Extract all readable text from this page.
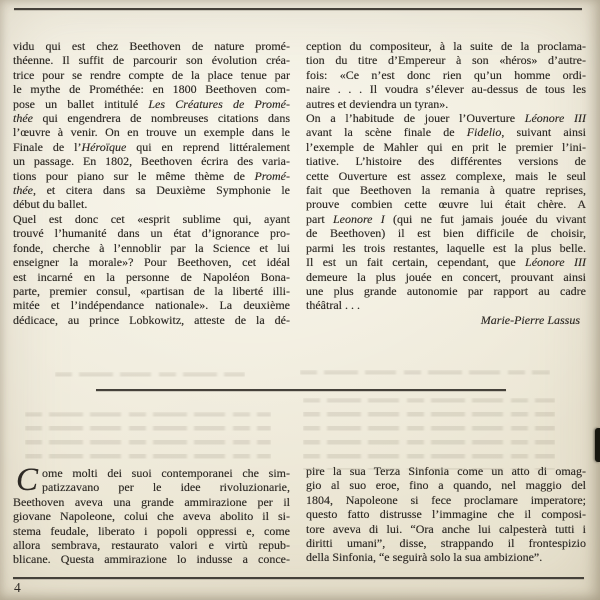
vidu qui est chez Beethoven de nature promé-
théenne. Il suffit de parcourir son évolution créa-
trice pour se rendre compte de la place tenue par
le mythe de Prométhée: en 1800 Beethoven com-
pose un ballet intitulé Les Créatures de Promé-
thée qui engendrera de nombreuses citations dans
l’œuvre à venir. On en trouve un exemple dans le
Finale de l’Héroïque qui en reprend littéralement
un passage. En 1802, Beethoven écrira des varia-
tions pour piano sur le même thème de Promé-
thée, et citera dans sa Deuxième Symphonie le
début du ballet.
Quel est donc cet «esprit sublime qui, ayant
trouvé l’humanité dans un état d’ignorance pro-
fonde, cherche à l’ennoblir par la Science et lui
enseigner la morale»? Pour Beethoven, cet idéal
est incarné en la personne de Napoléon Bona-
parte, premier consul, «partisan de la liberté illi-
mitée et l’indépendance nationale». La deuxième
dédicace, au prince Lobkowitz, atteste de la dé-
ception du compositeur, à la suite de la proclama-
tion du titre d’Empereur à son «héros» d’autre-
fois: «Ce n’est donc rien qu’un homme ordi-
naire . . . Il voudra s’élever au-dessus de tous les
autres et deviendra un tyran».
On a l’habitude de jouer l’Ouverture Léonore III
avant la scène finale de Fidelio, suivant ainsi
l’exemple de Mahler qui en prit le premier l’ini-
tiative. L’histoire des différentes versions de
cette Ouverture est assez complexe, mais le seul
fait que Beethoven la remania à quatre reprises,
prouve combien cette œuvre lui était chère. A
part Leonore I (qui ne fut jamais jouée du vivant
de Beethoven) il est bien difficile de choisir,
parmi les trois restantes, laquelle est la plus belle.
Il est un fait certain, cependant, que Léonore III
demeure la plus jouée en concert, prouvant ainsi
une plus grande autonomie par rapport au cadre
théâtral . . .
Marie-Pierre Lassus
C ome molti dei suoi contemporanei che sim-
patizzavano per le idee rivoluzionarie,
Beethoven aveva una grande ammirazione per il
giovane Napoleone, colui che aveva abolito il si-
stema feudale, liberato i popoli oppressi e, come
allora sembrava, restaurato valori e virtù repub-
blicane. Questa ammirazione lo indusse a conce-
pire la sua Terza Sinfonia come un atto di omag-
gio al suo eroe, fino a quando, nel maggio del
1804, Napoleone si fece proclamare imperatore;
questo fatto distrusse l’immagine che il composi-
tore aveva di lui. “Ora anche lui calpesterà tutti i
diritti umani”, disse, strappando il frontespizio
della Sinfonia, “e seguirà solo la sua ambizione”.
4
